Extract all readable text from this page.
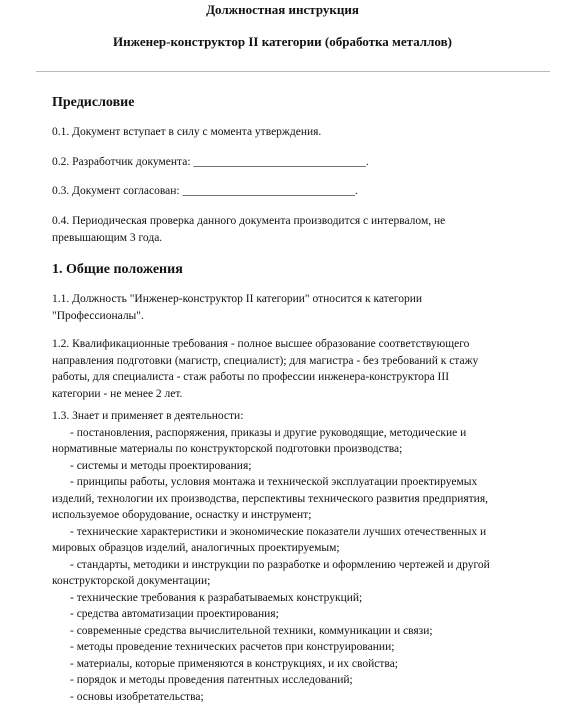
Должностная инструкция
Инженер-конструктор II категории (обработка металлов)
Предисловие
0.1. Документ вступает в силу с момента утверждения.
0.2. Разработчик документа: ______________________________.
0.3. Документ согласован: ______________________________.
0.4. Периодическая проверка данного документа производится с интервалом, не
превышающим 3 года.
1. Общие положения
1.1. Должность "Инженер-конструктор II категории" относится к категории
"Профессионалы".
1.2. Квалификационные требования - полное высшее образование соответствующего
направления подготовки (магистр, специалист); для магистра - без требований к стажу
работы, для специалиста - стаж работы по профессии инженера-конструктора III
категории - не менее 2 лет.
1.3. Знает и применяет в деятельности:
- постановления, распоряжения, приказы и другие руководящие, методические и
нормативные материалы по конструкторской подготовки производства;
- системы и методы проектирования;
- принципы работы, условия монтажа и технической эксплуатации проектируемых
изделий, технологии их производства, перспективы технического развития предприятия,
используемое оборудование, оснастку и инструмент;
- технические характеристики и экономические показатели лучших отечественных и
мировых образцов изделий, аналогичных проектируемым;
- стандарты, методики и инструкции по разработке и оформлению чертежей и другой
конструкторской документации;
- технические требования к разрабатываемых конструкций;
- средства автоматизации проектирования;
- современные средства вычислительной техники, коммуникации и связи;
- методы проведение технических расчетов при конструировании;
- материалы, которые применяются в конструкциях, и их свойства;
- порядок и методы проведения патентных исследований;
- основы изобретательства;
